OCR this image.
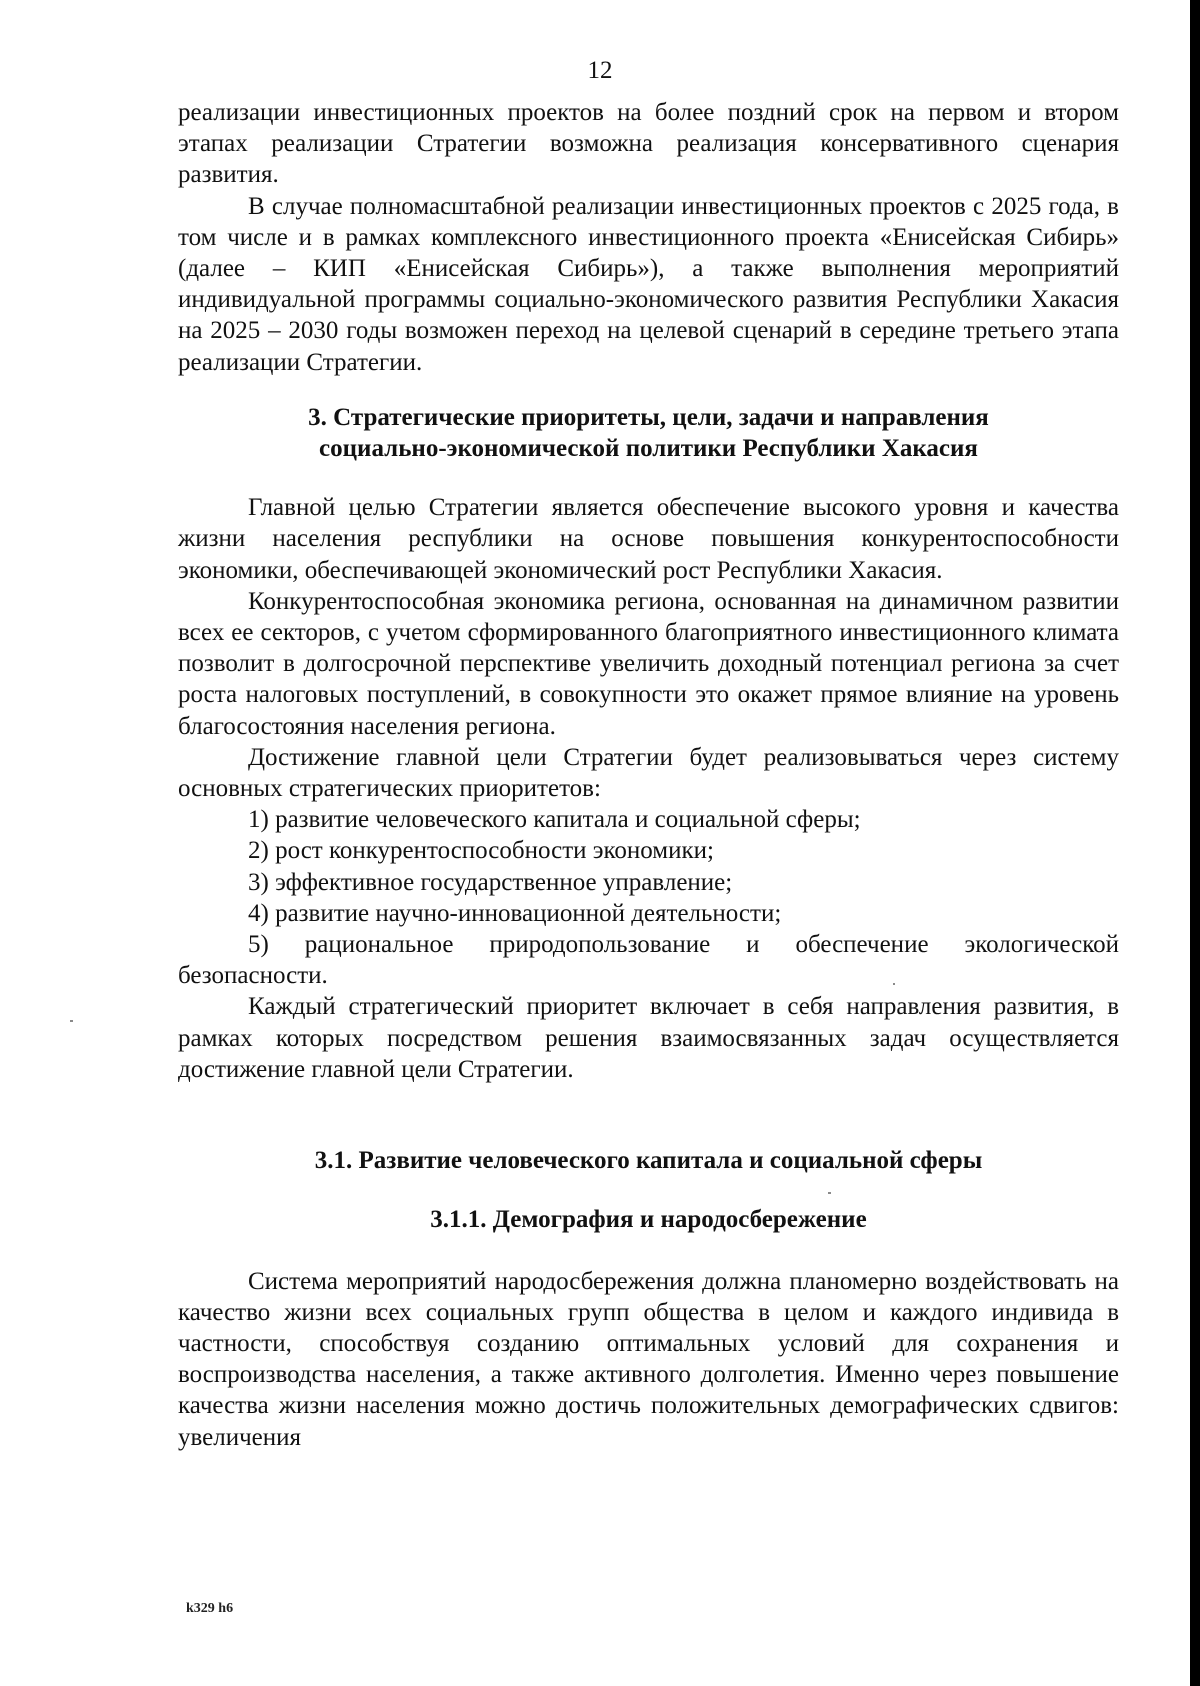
12

реализации инвестиционных проектов на более поздний срок на первом и втором этапах реализации Стратегии возможна реализация консервативного сценария развития.

В случае полномасштабной реализации инвестиционных проектов с 2025 года, в том числе и в рамках комплексного инвестиционного проекта «Енисейская Сибирь» (далее – КИП «Енисейская Сибирь»), а также выполнения мероприятий индивидуальной программы социально-экономического развития Республики Хакасия на 2025 – 2030 годы возможен переход на целевой сценарий в середине третьего этапа реализации Стратегии.

3. Стратегические приоритеты, цели, задачи и направления

социально-экономической политики Республики Хакасия

Главной целью Стратегии является обеспечение высокого уровня и качества жизни населения республики на основе повышения конкурентоспособности экономики, обеспечивающей экономический рост Республики Хакасия.

Конкурентоспособная экономика региона, основанная на динамичном развитии всех ее секторов, с учетом сформированного благоприятного инвестиционного климата позволит в долгосрочной перспективе увеличить доходный потенциал региона за счет роста налоговых поступлений, в совокупности это окажет прямое влияние на уровень благосостояния населения региона.

Достижение главной цели Стратегии будет реализовываться через систему основных стратегических приоритетов:

1) развитие человеческого капитала и социальной сферы;

2) рост конкурентоспособности экономики;

3) эффективное государственное управление;

4) развитие научно-инновационной деятельности;

5) рациональное природопользование и обеспечение экологической безопасности.

Каждый стратегический приоритет включает в себя направления развития, в рамках которых посредством решения взаимосвязанных задач осуществляется достижение главной цели Стратегии.

3.1. Развитие человеческого капитала и социальной сферы

3.1.1. Демография и народосбережение

Система мероприятий народосбережения должна планомерно воздействовать на качество жизни всех социальных групп общества в целом и каждого индивида в частности, способствуя созданию оптимальных условий для сохранения и воспроизводства населения, а также активного долголетия. Именно через повышение качества жизни населения можно достичь положительных демографических сдвигов: увеличения

k329 h6
